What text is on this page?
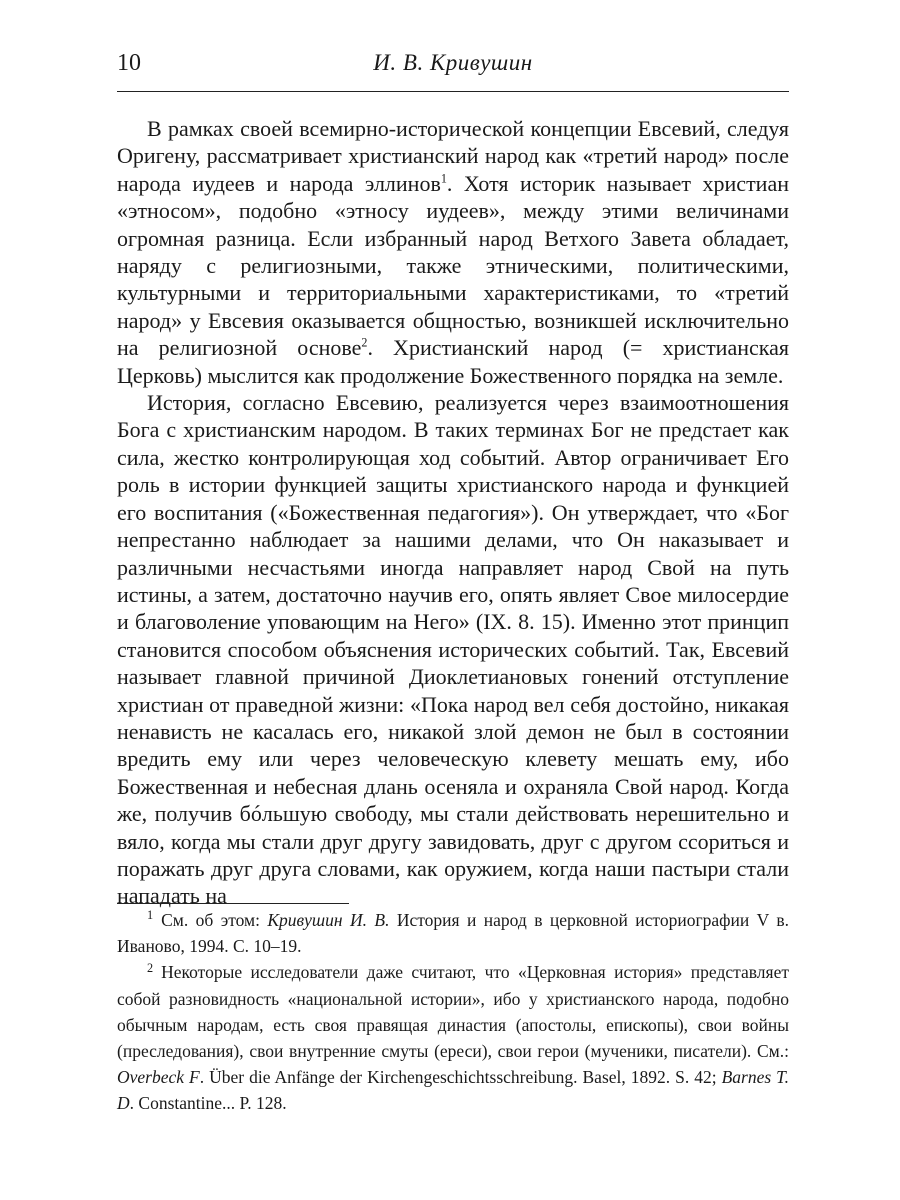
10	И. В. Кривушин

В рамках своей всемирно-исторической концепции Евсевий, следуя Оригену, рассматривает христианский народ как «третий народ» после народа иудеев и народа эллинов$^1$. Хотя историк называет христиан «этносом», подобно «этносу иудеев», между этими величинами огромная разница. Если избранный народ Ветхого Завета обладает, наряду с религиозными, также этническими, политическими, культурными и территориальными характеристиками, то «третий народ» у Евсевия оказывается общностью, возникшей исключительно на религиозной основе$^2$. Христианский народ (= христианская Церковь) мыслится как продолжение Божественного порядка на земле.

История, согласно Евсевию, реализуется через взаимоотношения Бога с христианским народом. В таких терминах Бог не предстает как сила, жестко контролирующая ход событий. Автор ограничивает Его роль в истории функцией защиты христианского народа и функцией его воспитания («Божественная педагогия»). Он утверждает, что «Бог непрестанно наблюдает за нашими делами, что Он наказывает и различными несчастьями иногда направляет народ Свой на путь истины, а затем, достаточно научив его, опять являет Свое милосердие и благоволение уповающим на Него» (IX. 8. 15). Именно этот принцип становится способом объяснения исторических событий. Так, Евсевий называет главной причиной Диоклетиановых гонений отступление христиан от праведной жизни: «Пока народ вел себя достойно, никакая ненависть не касалась его, никакой злой демон не был в состоянии вредить ему или через человеческую клевету мешать ему, ибо Божественная и небесная длань осеняла и охраняла Свой народ. Когда же, получив бóльшую свободу, мы стали действовать нерешительно и вяло, когда мы стали друг другу завидовать, друг с другом ссориться и поражать друг друга словами, как оружием, когда наши пастыри стали нападать на

$^1$ См. об этом: Кривушин И. В. История и народ в церковной историографии V в. Иваново, 1994. С. 10–19.

$^2$ Некоторые исследователи даже считают, что «Церковная история» представляет собой разновидность «национальной истории», ибо у христианского народа, подобно обычным народам, есть своя правящая династия (апостолы, епископы), свои войны (преследования), свои внутренние смуты (ереси), свои герои (мученики, писатели). См.: Overbeck F. Über die Anfänge der Kirchengeschichtsschreibung. Basel, 1892. S. 42; Barnes T. D. Constantine... P. 128.
